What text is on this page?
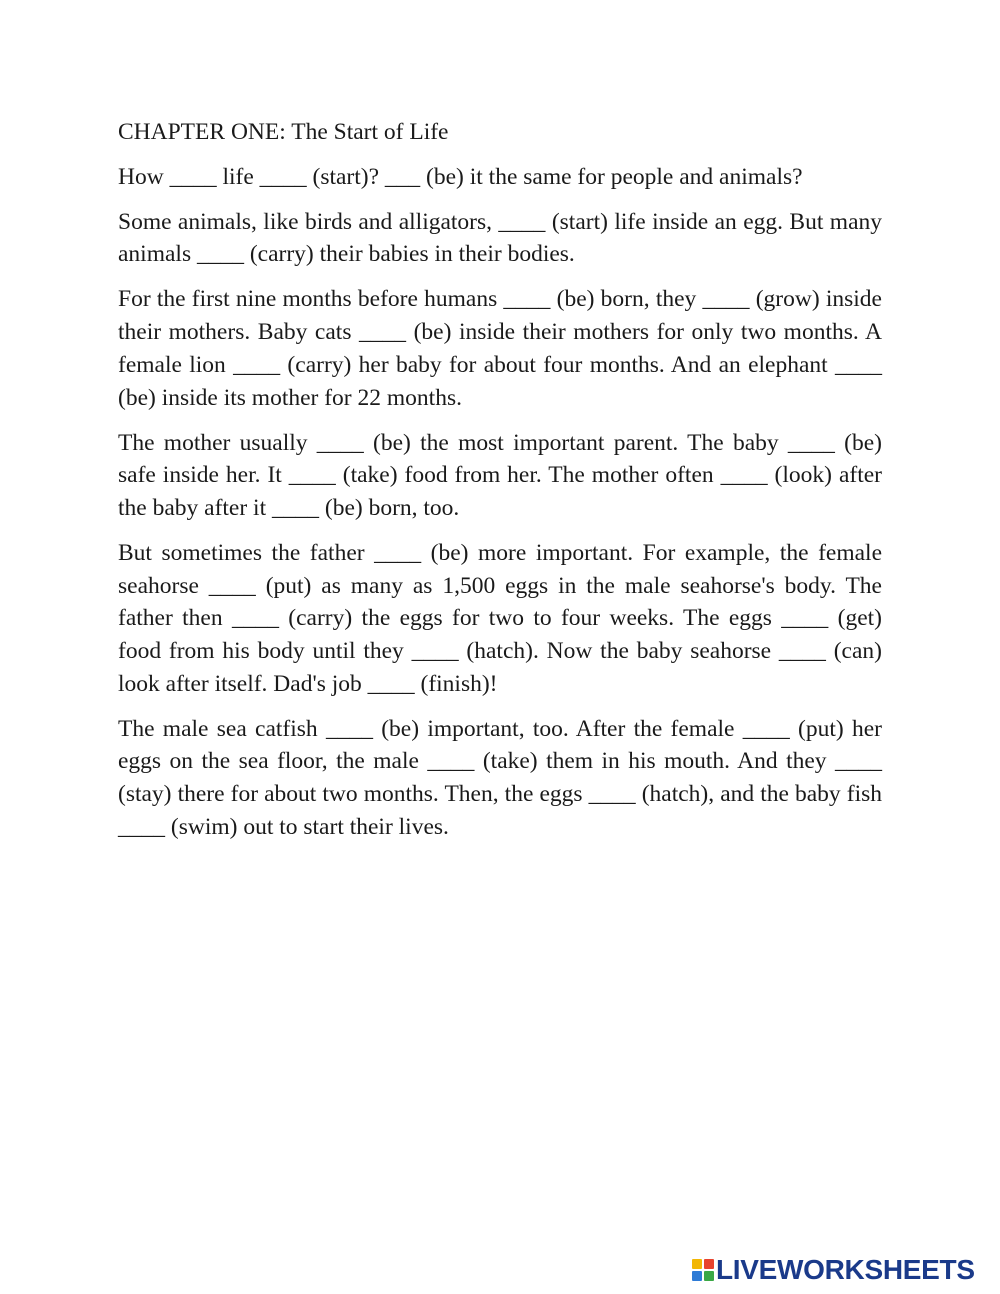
CHAPTER ONE: The Start of Life

How ____ life ____ (start)? ___ (be) it the same for people and animals?

Some animals, like birds and alligators, ____ (start) life inside an egg. But many animals ____ (carry) their babies in their bodies.

For the first nine months before humans ____ (be) born, they ____ (grow) inside their mothers. Baby cats ____ (be) inside their mothers for only two months. A female lion ____ (carry) her baby for about four months. And an elephant ____ (be) inside its mother for 22 months.

The mother usually ____ (be) the most important parent. The baby ____ (be) safe inside her. It ____ (take) food from her. The mother often ____ (look) after the baby after it ____ (be) born, too.

But sometimes the father ____ (be) more important. For example, the female seahorse ____ (put) as many as 1,500 eggs in the male seahorse's body. The father then ____ (carry) the eggs for two to four weeks. The eggs ____ (get) food from his body until they ____ (hatch). Now the baby seahorse ____ (can) look after itself. Dad's job ____ (finish)!

The male sea catfish ____ (be) important, too. After the female ____ (put) her eggs on the sea floor, the male ____ (take) them in his mouth. And they ____ (stay) there for about two months. Then, the eggs ____ (hatch), and the baby fish ____ (swim) out to start their lives.

LIVEWORKSHEETS
